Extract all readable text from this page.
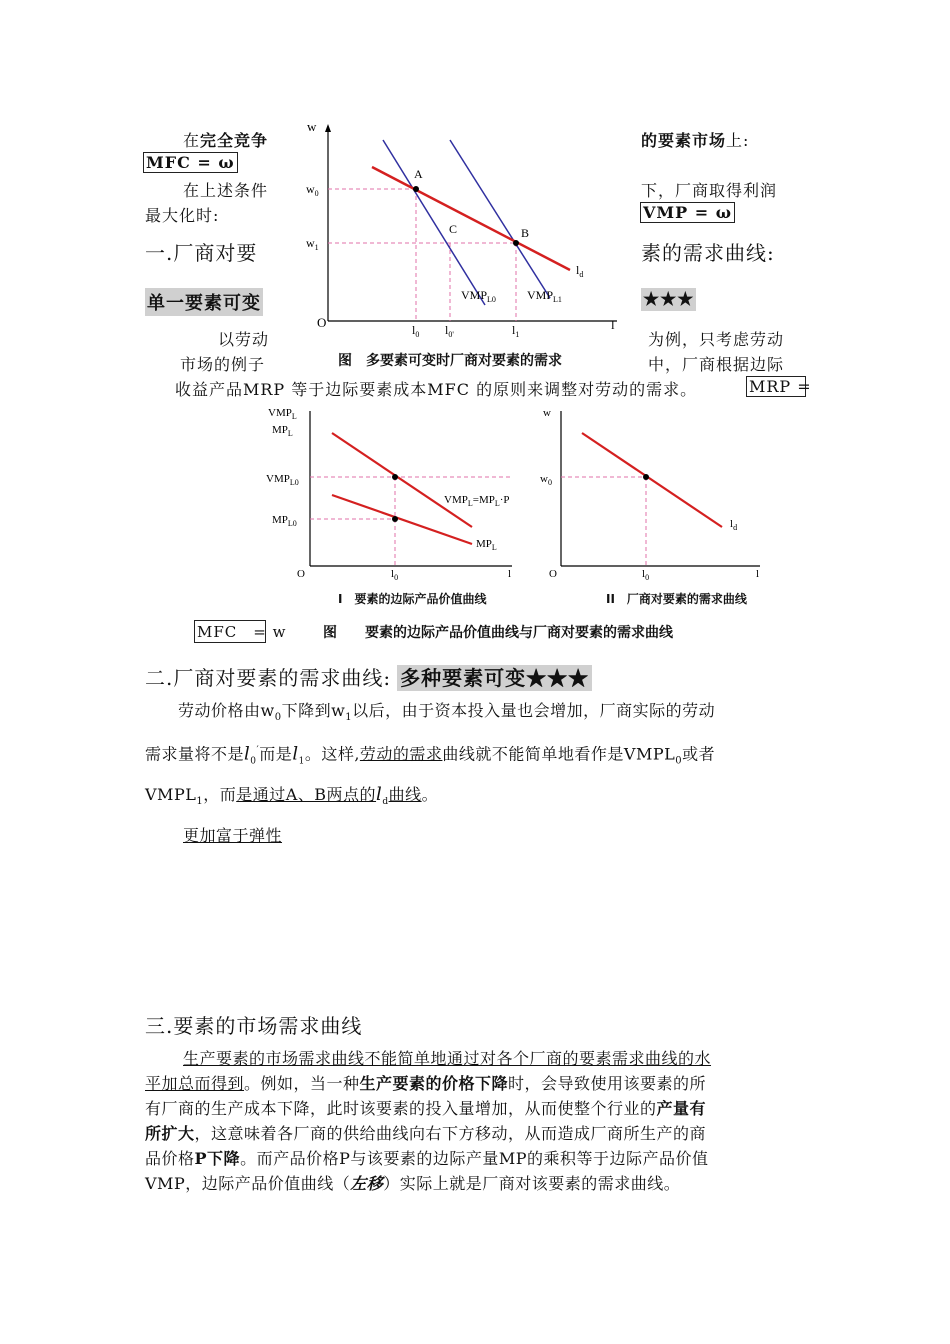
在完全竞争	的要素市场上:
MFC = ω
在上述条件	下，厂商取得利润
最大化时:	VMP = ω
一.厂商对要	素的需求曲线:
单一要素可变	★★★
以劳动	为例，只考虑劳动
市场的例子	中，厂商根据边际
收益产品MRP 等于边际要素成本MFC 的原则来调整对劳动的需求。	MRP =
w
l
O
$w_0$
$w_1$
$l_0$ $l_{0'}$	$l_1$
A
B
C
$l_d$
$VMP_{L0}$	$VMP_{L1}$
图　多要素可变时厂商对要素的需求
$VMP_L$
$MP_L$
$VMP_{L0}$
$MP_{L0}$
$VMP_L=MP_L\cdot P$
$MP_L$
O	$l_0$	l
w
$w_0$
$l_d$
O	$l_0$	l
I　要素的边际产品价值曲线	II　厂商对要素的需求曲线
MFC　= w	图　　要素的边际产品价值曲线与厂商对要素的需求曲线
二.厂商对要素的需求曲线: 多种要素可变★★★
劳动价格由$w_0$下降到$w_1$以后，由于资本投入量也会增加，厂商实际的劳动
需求量将不是$l_0'$而是$l_1$。这样,劳动的需求曲线就不能简单地看作是$VMPL_0$或者
$VMPL_1$，而是通过A、B两点的$l_d$曲线。
更加富于弹性
三.要素的市场需求曲线
生产要素的市场需求曲线不能简单地通过对各个厂商的要素需求曲线的水
平加总而得到。例如，当一种生产要素的价格下降时，会导致使用该要素的所
有厂商的生产成本下降，此时该要素的投入量增加，从而使整个行业的产量有
所扩大，这意味着各厂商的供给曲线向右下方移动，从而造成厂商所生产的商
品价格P下降。而产品价格P与该要素的边际产量MP的乘积等于边际产品价值
VMP，边际产品价值曲线（左移）实际上就是厂商对该要素的需求曲线。
